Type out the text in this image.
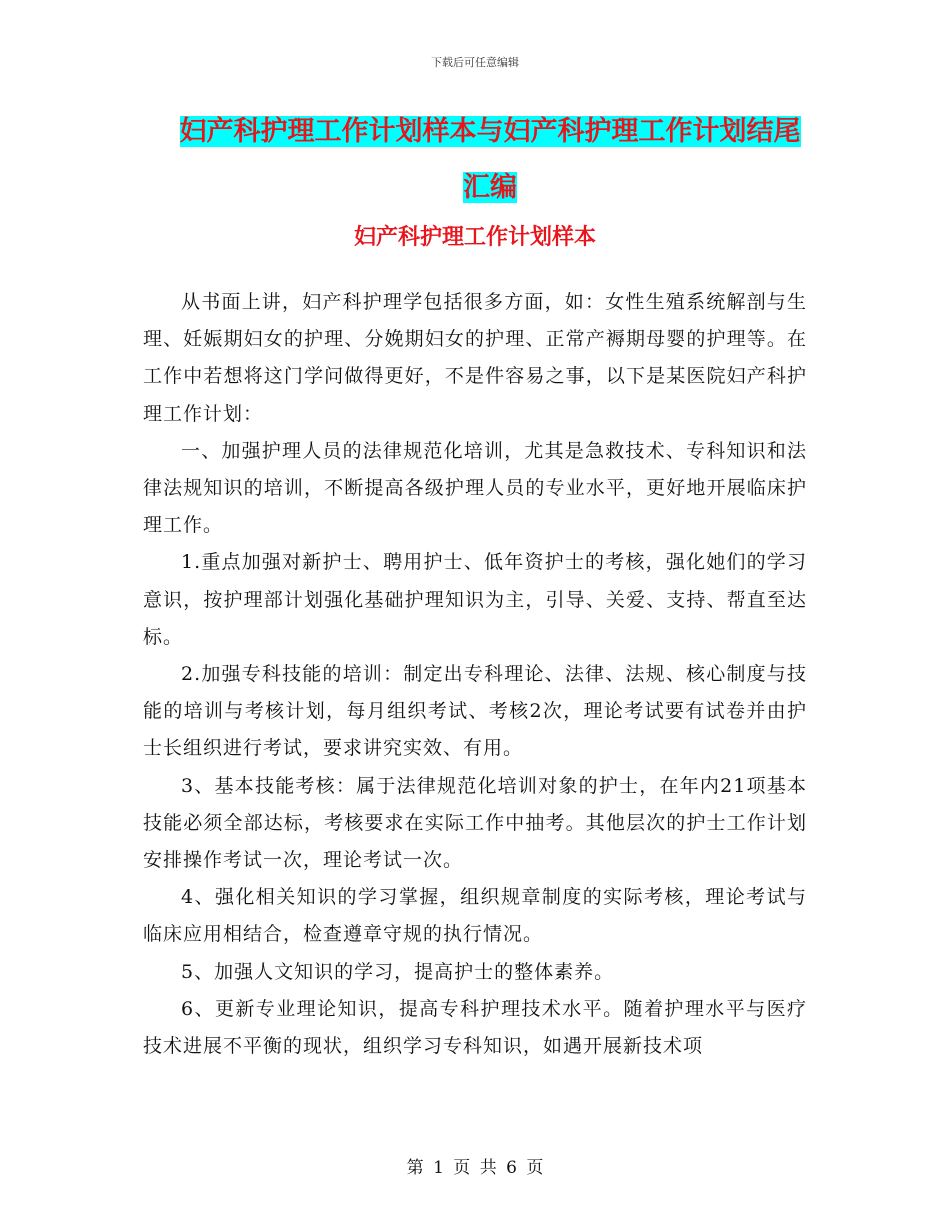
下载后可任意编辑
妇产科护理工作计划样本与妇产科护理工作计划结尾汇编
妇产科护理工作计划样本

从书面上讲，妇产科护理学包括很多方面，如：女性生殖系统解剖与生理、妊娠期妇女的护理、分娩期妇女的护理、正常产褥期母婴的护理等。在工作中若想将这门学问做得更好，不是件容易之事，以下是某医院妇产科护理工作计划：

一、加强护理人员的法律规范化培训，尤其是急救技术、专科知识和法律法规知识的培训，不断提高各级护理人员的专业水平，更好地开展临床护理工作。

1.重点加强对新护士、聘用护士、低年资护士的考核，强化她们的学习意识，按护理部计划强化基础护理知识为主，引导、关爱、支持、帮直至达标。

2.加强专科技能的培训：制定出专科理论、法律、法规、核心制度与技能的培训与考核计划，每月组织考试、考核2次，理论考试要有试卷并由护士长组织进行考试，要求讲究实效、有用。

3、基本技能考核：属于法律规范化培训对象的护士，在年内21项基本技能必须全部达标，考核要求在实际工作中抽考。其他层次的护士工作计划安排操作考试一次，理论考试一次。

4、强化相关知识的学习掌握，组织规章制度的实际考核，理论考试与临床应用相结合，检查遵章守规的执行情况。

5、加强人文知识的学习，提高护士的整体素养。

6、更新专业理论知识，提高专科护理技术水平。随着护理水平与医疗技术进展不平衡的现状，组织学习专科知识，如遇开展新技术项

第 1 页 共 6 页
